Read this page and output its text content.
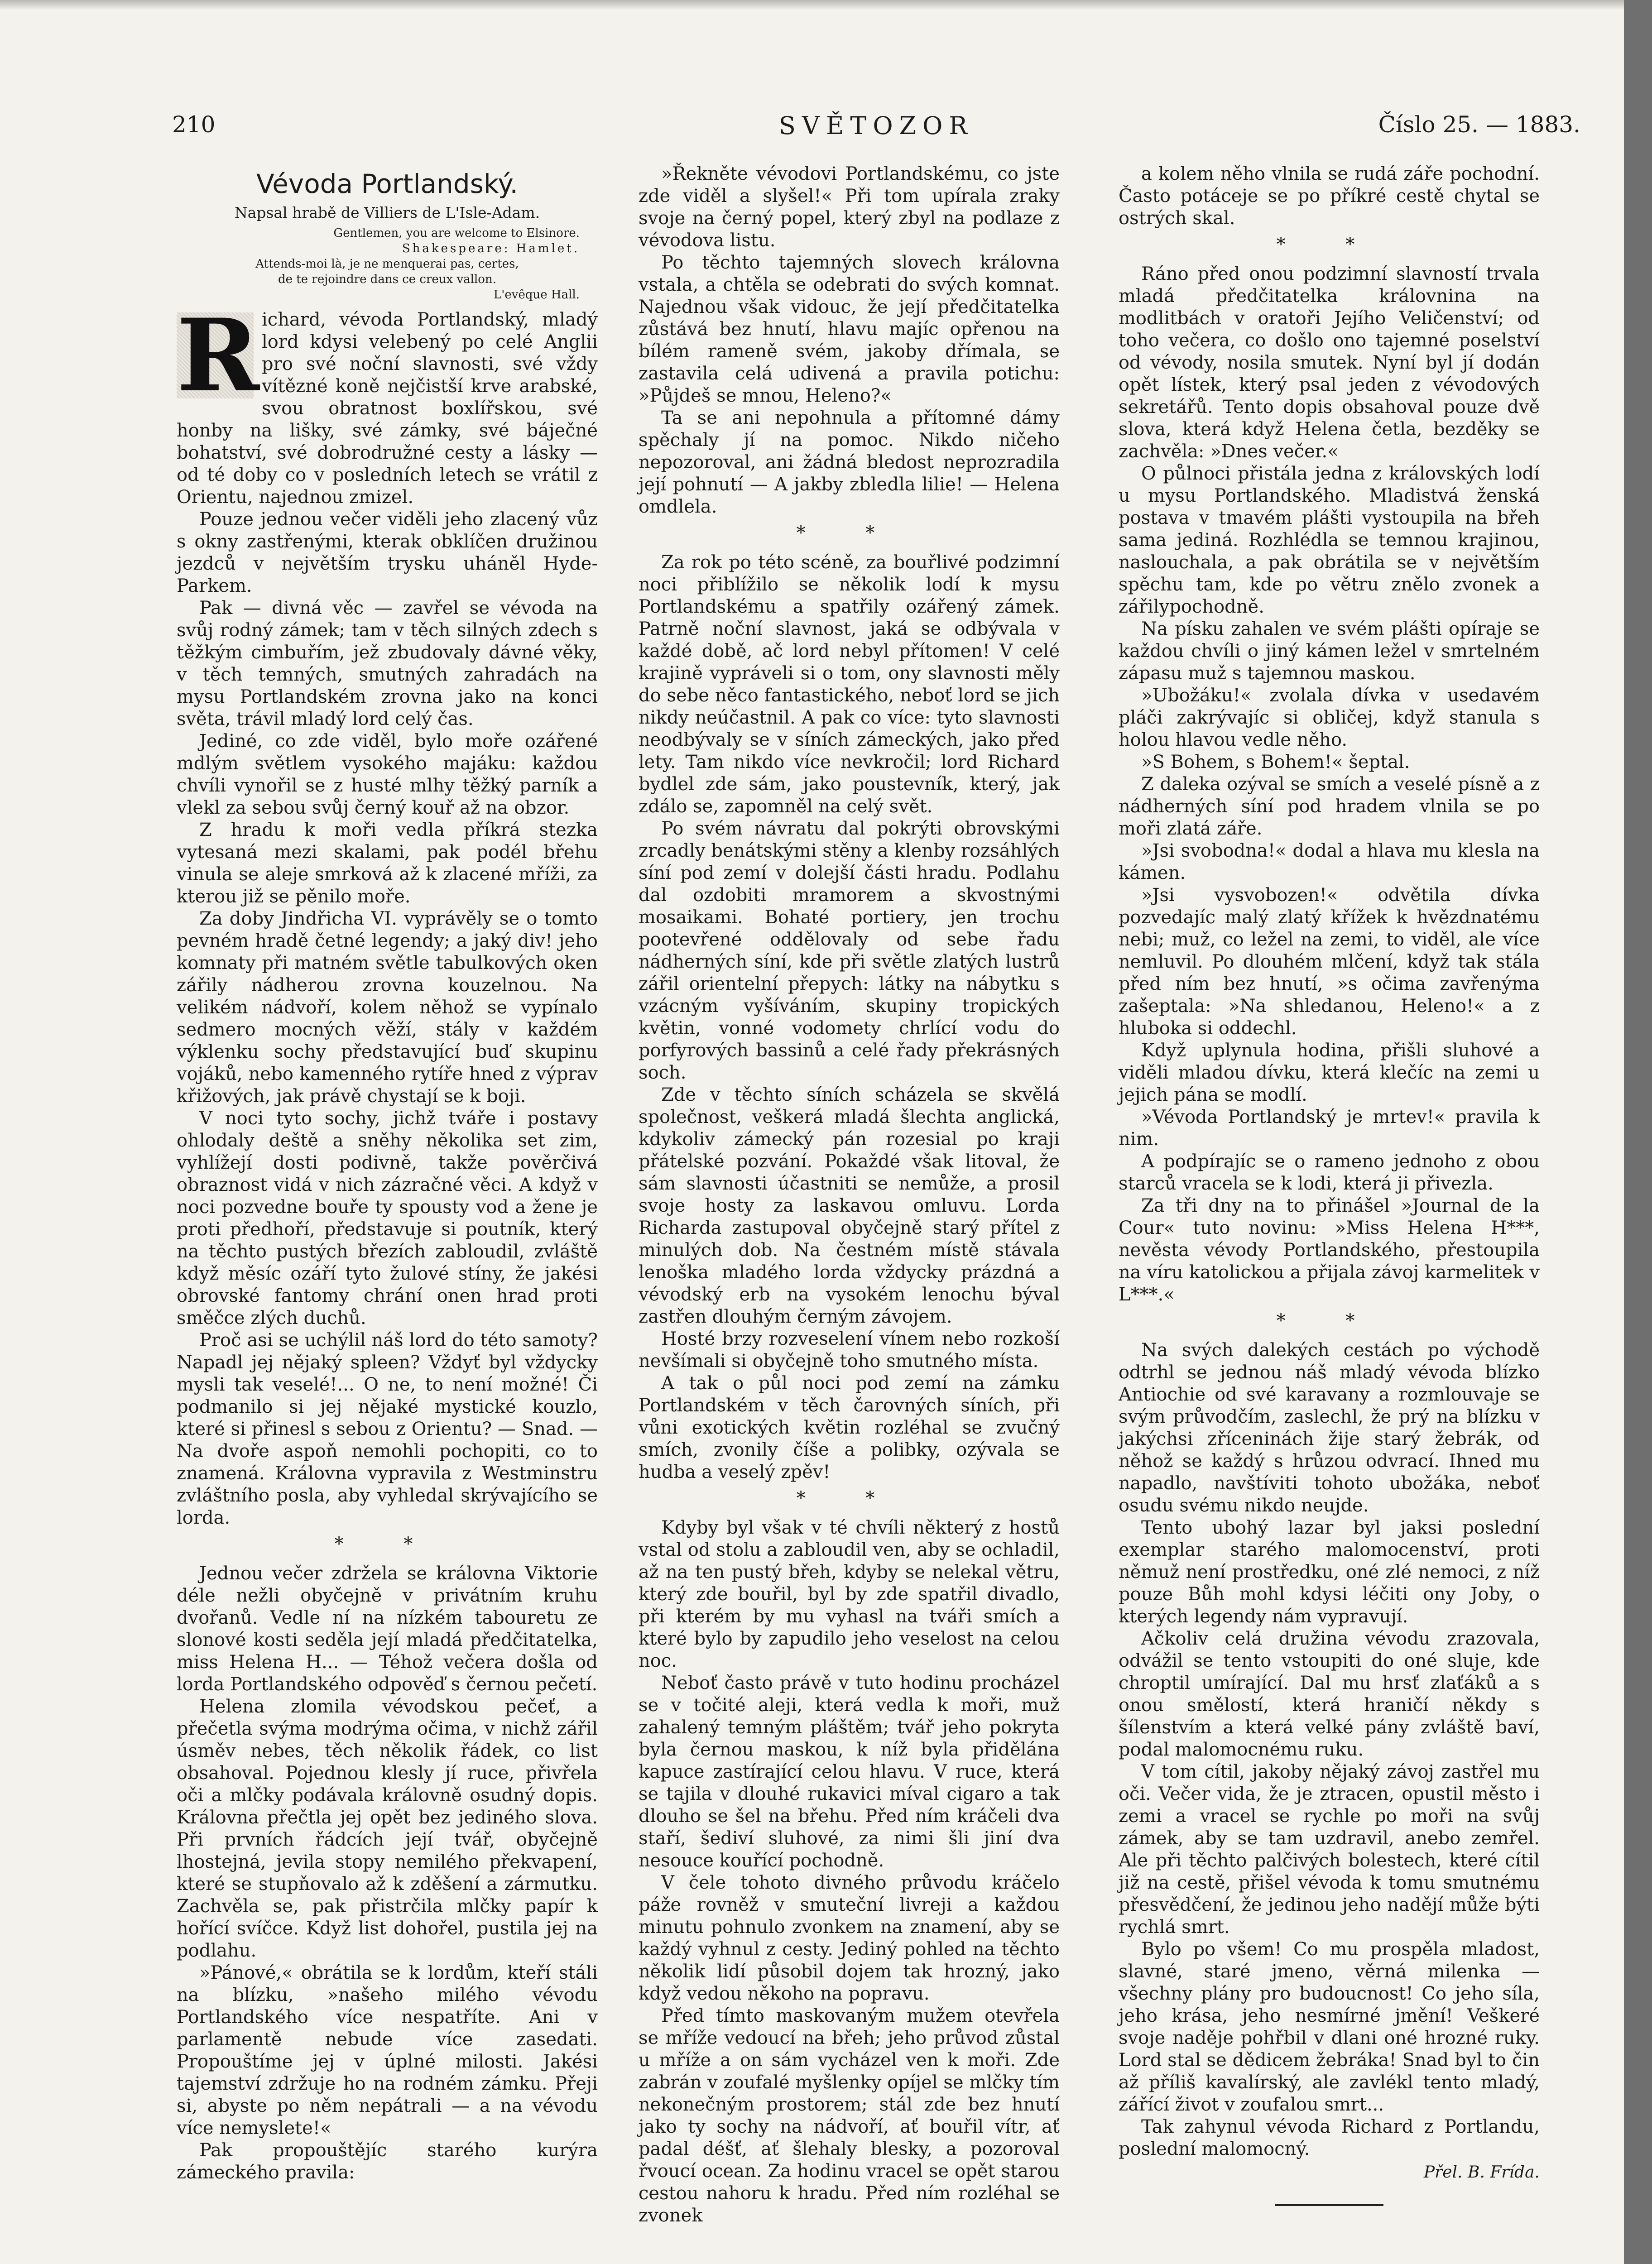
210	SVĚTOZOR	Číslo 25. — 1883.
Vévoda Portlandský.
Napsal hrabě de Villiers de L'Isle-Adam.
Gentlemen, you are welcome to Elsinore.
Shakespeare: Hamlet.
Attends-moi là, je ne menquerai pas, certes,
de te rejoindre dans ce creux vallon.
L'evêque Hall.
R ichard, vévoda Portlandský, mladý lord kdysi velebený po celé Anglii pro své noční slavnosti, své vždy vítězné koně nejčistší krve arabské, svou obratnost boxlířskou, své honby na lišky, své zámky, své báječné bohatství, své dobrodružné cesty a lásky — od té doby co v posledních letech se vrátil z Orientu, najednou zmizel.

Pouze jednou večer viděli jeho zlacený vůz s okny zastřenými, kterak obklíčen družinou jezdců v největším trysku uháněl Hyde-Parkem.

Pak — divná věc — zavřel se vévoda na svůj rodný zámek; tam v těch silných zdech s těžkým cimbuřím, jež zbudovaly dávné věky, v těch temných, smutných zahradách na mysu Portlandském zrovna jako na konci světa, trávil mladý lord celý čas.

Jediné, co zde viděl, bylo moře ozářené mdlým světlem vysokého majáku: každou chvíli vynořil se z husté mlhy těžký parník a vlekl za sebou svůj černý kouř až na obzor.

Z hradu k moři vedla příkrá stezka vytesaná mezi skalami, pak podél břehu vinula se aleje smrková až k zlacené mříži, za kterou již se pěnilo moře.

Za doby Jindřicha VI. vyprávěly se o tomto pevném hradě četné legendy; a jaký div! jeho komnaty při matném světle tabulkových oken zářily nádherou zrovna kouzelnou. Na velikém nádvoří, kolem něhož se vypínalo sedmero mocných věží, stály v každém výklenku sochy představující buď skupinu vojáků, nebo kamenného rytíře hned z výprav křižových, jak právě chystají se k boji.

V noci tyto sochy, jichž tváře i postavy ohlodaly deště a sněhy několika set zim, vyhlížejí dosti podivně, takže pověrčivá obraznost vidá v nich zázračné věci. A když v noci pozvedne bouře ty spousty vod a žene je proti předhoří, představuje si poutník, který na těchto pustých březích zabloudil, zvláště když měsíc ozáří tyto žulové stíny, že jakési obrovské fantomy chrání onen hrad proti směčce zlých duchů.

Proč asi se uchýlil náš lord do této samoty? Napadl jej nějaký spleen? Vždyť byl vždycky mysli tak veselé!... O ne, to není možné! Či podmanilo si jej nějaké mystické kouzlo, které si přinesl s sebou z Orientu? — Snad. — Na dvoře aspoň nemohli pochopiti, co to znamená. Královna vypravila z Westminstru zvláštního posla, aby vyhledal skrývajícího se lorda.

* *

Jednou večer zdržela se královna Viktorie déle nežli obyčejně v privátním kruhu dvořanů. Vedle ní na nízkém tabouretu ze slonové kosti seděla její mladá předčitatelka, miss Helena H... — Téhož večera došla od lorda Portlandského odpověď s černou pečetí.

Helena zlomila vévodskou pečeť, a přečetla svýma modrýma očima, v nichž zářil úsměv nebes, těch několik řádek, co list obsahoval. Pojednou klesly jí ruce, přivřela oči a mlčky podávala královně osudný dopis. Královna přečtla jej opět bez jediného slova. Při prvních řádcích její tvář, obyčejně lhostejná, jevila stopy nemilého překvapení, které se stupňovalo až k zděšení a zármutku. Zachvěla se, pak přistrčila mlčky papír k hořící svíčce. Když list dohořel, pustila jej na podlahu.

»Pánové,« obrátila se k lordům, kteří stáli na blízku, »našeho milého vévodu Portlandského více nespatříte. Ani v parlamentě nebude více zasedati. Propouštíme jej v úplné milosti. Jakési tajemství zdržuje ho na rodném zámku. Přeji si, abyste po něm nepátrali — a na vévodu více nemyslete!«

Pak propouštějíc starého kurýra zámeckého pravila:

»Řekněte vévodovi Portlandskému, co jste zde viděl a slyšel!« Při tom upírala zraky svoje na černý popel, který zbyl na podlaze z vévodova listu.

Po těchto tajemných slovech královna vstala, a chtěla se odebrati do svých komnat. Najednou však vidouc, že její předčitatelka zůstává bez hnutí, hlavu majíc opřenou na bílém rameně svém, jakoby dřímala, se zastavila celá udivená a pravila potichu: »Půjdeš se mnou, Heleno?«

Ta se ani nepohnula a přítomné dámy spěchaly jí na pomoc. Nikdo ničeho nepozoroval, ani žádná bledost neprozradila její pohnutí — A jakby zbledla lilie! — Helena omdlela.

* *

Za rok po této scéně, za bouřlivé podzimní noci přiblížilo se několik lodí k mysu Portlandskému a spatřily ozářený zámek. Patrně noční slavnost, jaká se odbývala v každé době, ač lord nebyl přítomen! V celé krajině vypráveli si o tom, ony slavnosti měly do sebe něco fantastického, neboť lord se jich nikdy neúčastnil. A pak co více: tyto slavnosti neodbývaly se v síních zámeckých, jako před lety. Tam nikdo více nevkročil; lord Richard bydlel zde sám, jako poustevník, který, jak zdálo se, zapomněl na celý svět.

Po svém návratu dal pokrýti obrovskými zrcadly benátskými stěny a klenby rozsáhlých síní pod zemí v dolejší části hradu. Podlahu dal ozdobiti mramorem a skvostnými mosaikami. Bohaté portiery, jen trochu pootevřené oddělovaly od sebe řadu nádherných síní, kde při světle zlatých lustrů zářil orientelní přepych: látky na nábytku s vzácným vyšíváním, skupiny tropických květin, vonné vodomety chrlící vodu do porfyrových bassinů a celé řady překrásných soch.

Zde v těchto síních scházela se skvělá společnost, veškerá mladá šlechta anglická, kdykoliv zámecký pán rozesial po kraji přátelské pozvání. Pokaždé však litoval, že sám slavnosti účastniti se nemůže, a prosil svoje hosty za laskavou omluvu. Lorda Richarda zastupoval obyčejně starý přítel z minulých dob. Na čestném místě stávala lenoška mladého lorda vždycky prázdná a vévodský erb na vysokém lenochu býval zastřen dlouhým černým závojem.

Hosté brzy rozveselení vínem nebo rozkoší nevšímali si obyčejně toho smutného místa.

A tak o půl noci pod zemí na zámku Portlandském v těch čarovných síních, při vůni exotických květin rozléhal se zvučný smích, zvonily číše a polibky, ozývala se hudba a veselý zpěv!

* *

Kdyby byl však v té chvíli některý z hostů vstal od stolu a zabloudil ven, aby se ochladil, až na ten pustý břeh, kdyby se nelekal větru, který zde bouřil, byl by zde spatřil divadlo, při kterém by mu vyhasl na tváři smích a které bylo by zapudilo jeho veselost na celou noc.

Neboť často právě v tuto hodinu procházel se v točité aleji, která vedla k moři, muž zahalený temným pláštěm; tvář jeho pokryta byla černou maskou, k níž byla přidělána kapuce zastírající celou hlavu. V ruce, která se tajila v dlouhé rukavici míval cigaro a tak dlouho se šel na břehu. Před ním kráčeli dva staří, šediví sluhové, za nimi šli jiní dva nesouce kouřící pochodně.

V čele tohoto divného průvodu kráčelo páže rovněž v smuteční livreji a každou minutu pohnulo zvonkem na znamení, aby se každý vyhnul z cesty. Jediný pohled na těchto několik lidí působil dojem tak hrozný, jako když vedou někoho na popravu.

Před tímto maskovaným mužem otevřela se mříže vedoucí na břeh; jeho průvod zůstal u mříže a on sám vycházel ven k moři. Zde zabrán v zoufalé myšlenky opíjel se mlčky tím nekonečným prostorem; stál zde bez hnutí jako ty sochy na nádvoří, ať bouřil vítr, ať padal déšť, ať šlehaly blesky, a pozoroval řvoucí ocean. Za hodinu vracel se opět starou cestou nahoru k hradu. Před ním rozléhal se zvonek

a kolem něho vlnila se rudá záře pochodní. Často potáceje se po příkré cestě chytal se ostrých skal.

* *

Ráno před onou podzimní slavností trvala mladá předčitatelka královnina na modlitbách v oratoři Jejího Veličenství; od toho večera, co došlo ono tajemné poselství od vévody, nosila smutek. Nyní byl jí dodán opět lístek, který psal jeden z vévodových sekretářů. Tento dopis obsahoval pouze dvě slova, která když Helena četla, bezděky se zachvěla: »Dnes večer.«

O půlnoci přistála jedna z královských lodí u mysu Portlandského. Mladistvá ženská postava v tmavém plášti vystoupila na břeh sama jediná. Rozhlédla se temnou krajinou, naslouchala, a pak obrátila se v největším spěchu tam, kde po větru znělo zvonek a zářilypochodně.

Na písku zahalen ve svém plášti opíraje se každou chvíli o jiný kámen ležel v smrtelném zápasu muž s tajemnou maskou.

»Ubožáku!« zvolala dívka v usedavém pláči zakrývajíc si obličej, když stanula s holou hlavou vedle něho.

»S Bohem, s Bohem!« šeptal.

Z daleka ozýval se smích a veselé písně a z nádherných síní pod hradem vlnila se po moři zlatá záře.

»Jsi svobodna!« dodal a hlava mu klesla na kámen.

»Jsi vysvobozen!« odvětila dívka pozvedajíc malý zlatý křížek k hvězdnatému nebi; muž, co ležel na zemi, to viděl, ale více nemluvil. Po dlouhém mlčení, když tak stála před ním bez hnutí, »s očima zavřenýma zašeptala: »Na shledanou, Heleno!« a z hluboka si oddechl.

Když uplynula hodina, přišli sluhové a viděli mladou dívku, která klečíc na zemi u jejich pána se modlí.

»Vévoda Portlandský je mrtev!« pravila k nim.

A podpírajíc se o rameno jednoho z obou starců vracela se k lodi, která ji přivezla.

Za tři dny na to přinášel »Journal de la Cour« tuto novinu: »Miss Helena H***, nevěsta vévody Portlandského, přestoupila na víru katolickou a přijala závoj karmelitek v L***.«

* *

Na svých dalekých cestách po východě odtrhl se jednou náš mladý vévoda blízko Antiochie od své karavany a rozmlouvaje se svým průvodčím, zaslechl, že prý na blízku v jakýchsi zříceninách žije starý žebrák, od něhož se každý s hrůzou odvrací. Ihned mu napadlo, navštíviti tohoto ubožáka, neboť osudu svému nikdo neujde.

Tento ubohý lazar byl jaksi poslední exemplar starého malomocenství, proti němuž není prostředku, oné zlé nemoci, z níž pouze Bůh mohl kdysi léčiti ony Joby, o kterých legendy nám vypravují.

Ačkoliv celá družina vévodu zrazovala, odvážil se tento vstoupiti do oné sluje, kde chroptil umírající. Dal mu hrsť zlaťáků a s onou smělostí, která hraničí někdy s šílenstvím a která velké pány zvláště baví, podal malomocnému ruku.

V tom cítil, jakoby nějaký závoj zastřel mu oči. Večer vida, že je ztracen, opustil město i zemi a vracel se rychle po moři na svůj zámek, aby se tam uzdravil, anebo zemřel. Ale při těchto palčivých bolestech, které cítil již na cestě, přišel vévoda k tomu smutnému přesvědčení, že jedinou jeho nadějí může býti rychlá smrt.

Bylo po všem! Co mu prospěla mladost, slavné, staré jmeno, věrná milenka — všechny plány pro budoucnost! Co jeho síla, jeho krása, jeho nesmírné jmění! Veškeré svoje naděje pohřbil v dlani oné hrozné ruky. Lord stal se dědicem žebráka! Snad byl to čin až příliš kavalírský, ale zavlékl tento mladý, zářící život v zoufalou smrt...

Tak zahynul vévoda Richard z Portlandu, poslední malomocný.

Přel. B. Frída.
